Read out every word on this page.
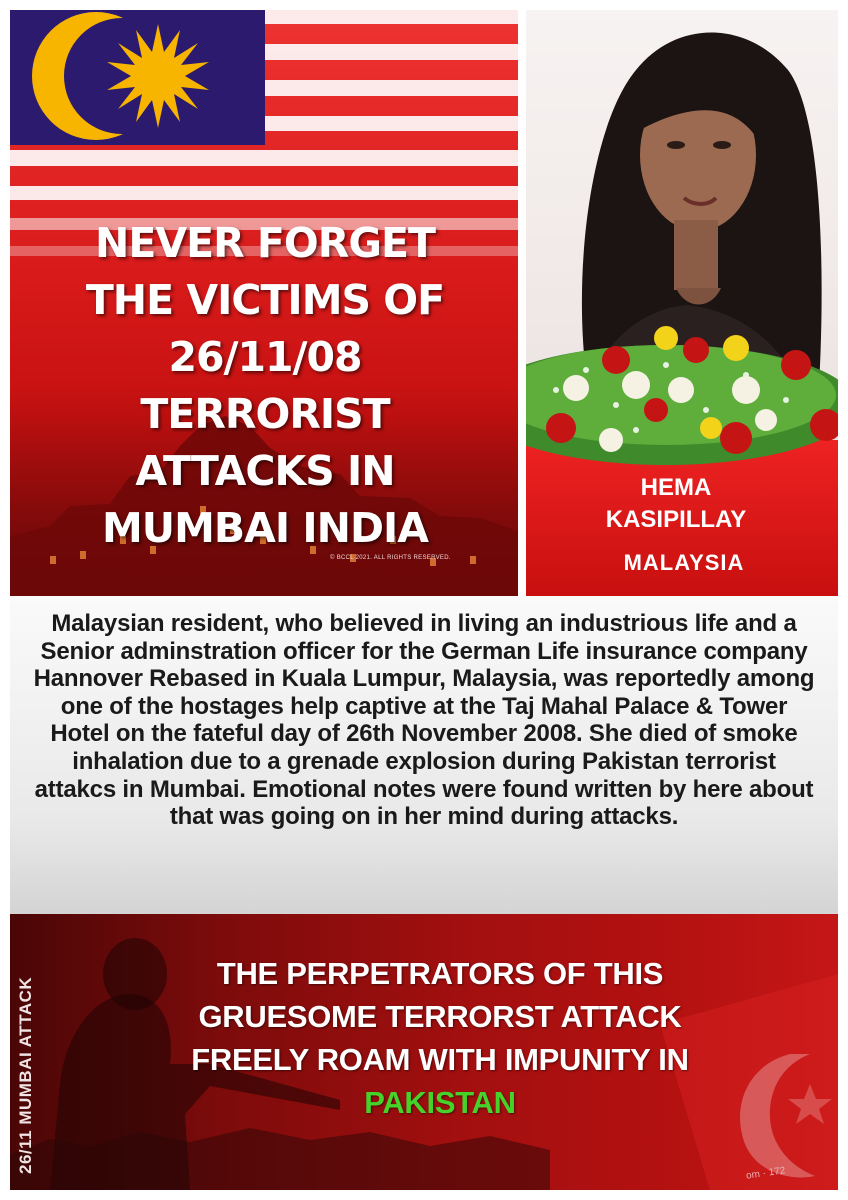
NEVER FORGET
THE VICTIMS OF
26/11/08
TERRORIST
ATTACKS IN
MUMBAI INDIA
© BCCL 2021. ALL RIGHTS RESERVED.
HEMA
KASIPILLAY
MALAYSIA

Malaysian resident, who believed in living an industrious life and a Senior adminstration officer for the German Life insurance company Hannover Rebased in Kuala Lumpur, Malaysia, was reportedly among one of the hostages help captive at the Taj Mahal Palace & Tower Hotel on the fateful day of 26th November 2008. She died of smoke inhalation due to a grenade explosion during Pakistan terrorist attakcs in Mumbai. Emotional notes were found written by here about that was going on in her mind during attacks.

26/11 MUMBAI ATTACK

THE PERPETRATORS OF THIS
GRUESOME TERRORST ATTACK
FREELY ROAM WITH IMPUNITY IN
PAKISTAN

om · 172
